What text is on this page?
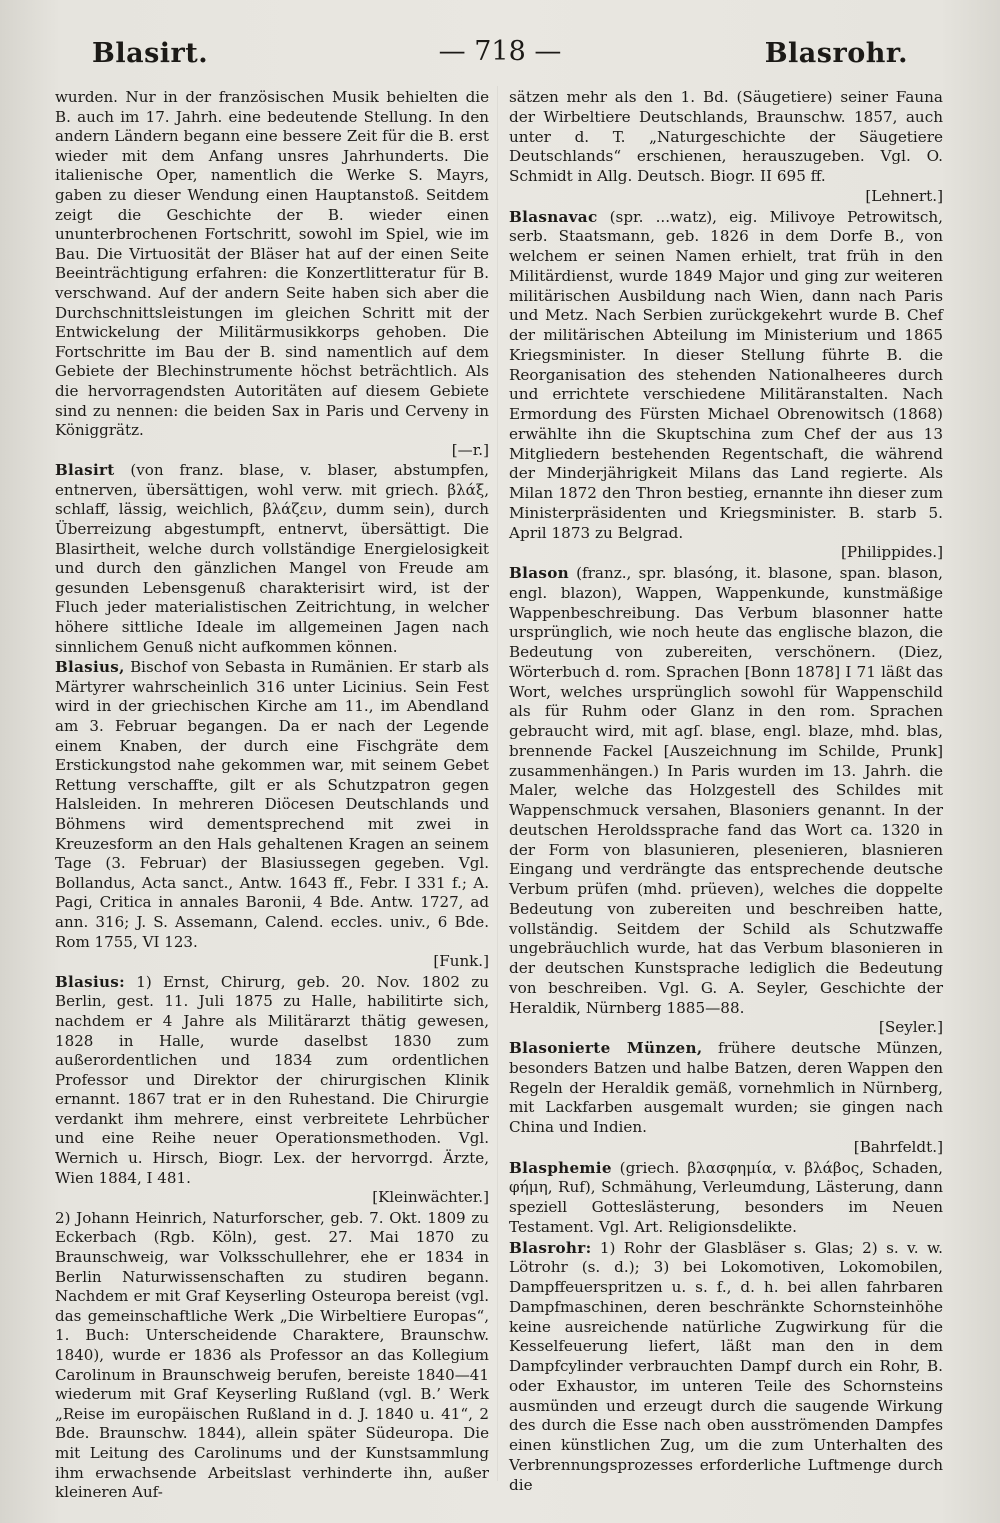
Blasirt.	— 718 —	Blasrohr.

wurden. Nur in der französischen Musik behielten die B. auch im 17. Jahrh. eine bedeutende Stellung. In den andern Ländern begann eine bessere Zeit für die B. erst wieder mit dem Anfang unsres Jahrhunderts. Die italienische Oper, namentlich die Werke S. Mayrs, gaben zu dieser Wendung einen Hauptanstoß. Seitdem zeigt die Geschichte der B. wieder einen ununterbrochenen Fortschritt, sowohl im Spiel, wie im Bau. Die Virtuosität der Bläser hat auf der einen Seite Beeinträchtigung erfahren: die Konzertlitteratur für B. verschwand. Auf der andern Seite haben sich aber die Durchschnittsleistungen im gleichen Schritt mit der Entwickelung der Militärmusikkorps gehoben. Die Fortschritte im Bau der B. sind namentlich auf dem Gebiete der Blechinstrumente höchst beträchtlich. Als die hervorragendsten Autoritäten auf diesem Gebiete sind zu nennen: die beiden Sax in Paris und Cerveny in Königgrätz.
[—r.]

Blasirt (von franz. blase, v. blaser, abstumpfen, entnerven, übersättigen, wohl verw. mit griech. βλάξ, schlaff, lässig, weichlich, βλάζειν, dumm sein), durch Überreizung abgestumpft, entnervt, übersättigt. Die Blasirtheit, welche durch vollständige Energielosigkeit und durch den gänzlichen Mangel von Freude am gesunden Lebensgenuß charakterisirt wird, ist der Fluch jeder materialistischen Zeitrichtung, in welcher höhere sittliche Ideale im allgemeinen Jagen nach sinnlichem Genuß nicht aufkommen können.

Blasius, Bischof von Sebasta in Rumänien. Er starb als Märtyrer wahrscheinlich 316 unter Licinius. Sein Fest wird in der griechischen Kirche am 11., im Abendland am 3. Februar begangen. Da er nach der Legende einem Knaben, der durch eine Fischgräte dem Erstickungstod nahe gekommen war, mit seinem Gebet Rettung verschaffte, gilt er als Schutzpatron gegen Halsleiden. In mehreren Diöcesen Deutschlands und Böhmens wird dementsprechend mit zwei in Kreuzesform an den Hals gehaltenen Kragen an seinem Tage (3. Februar) der Blasiussegen gegeben. Vgl. Bollandus, Acta sanct., Antw. 1643 ff., Febr. I 331 f.; A. Pagi, Critica in annales Baronii, 4 Bde. Antw. 1727, ad ann. 316; J. S. Assemann, Calend. eccles. univ., 6 Bde. Rom 1755, VI 123.
[Funk.]

Blasius: 1) Ernst, Chirurg, geb. 20. Nov. 1802 zu Berlin, gest. 11. Juli 1875 zu Halle, habilitirte sich, nachdem er 4 Jahre als Militärarzt thätig gewesen, 1828 in Halle, wurde daselbst 1830 zum außerordentlichen und 1834 zum ordentlichen Professor und Direktor der chirurgischen Klinik ernannt. 1867 trat er in den Ruhestand. Die Chirurgie verdankt ihm mehrere, einst verbreitete Lehrbücher und eine Reihe neuer Operationsmethoden. Vgl. Wernich u. Hirsch, Biogr. Lex. der hervorrgd. Ärzte, Wien 1884, I 481.
[Kleinwächter.]

2) Johann Heinrich, Naturforscher, geb. 7. Okt. 1809 zu Eckerbach (Rgb. Köln), gest. 27. Mai 1870 zu Braunschweig, war Volksschullehrer, ehe er 1834 in Berlin Naturwissenschaften zu studiren begann. Nachdem er mit Graf Keyserling Osteuropa bereist (vgl. das gemeinschaftliche Werk „Die Wirbeltiere Europas“, 1. Buch: Unterscheidende Charaktere, Braunschw. 1840), wurde er 1836 als Professor an das Kollegium Carolinum in Braunschweig berufen, bereiste 1840—41 wiederum mit Graf Keyserling Rußland (vgl. B.’ Werk „Reise im europäischen Rußland in d. J. 1840 u. 41“, 2 Bde. Braunschw. 1844), allein später Südeuropa. Die mit Leitung des Carolinums und der Kunstsammlung ihm erwachsende Arbeitslast verhinderte ihn, außer kleineren Auf-

sätzen mehr als den 1. Bd. (Säugetiere) seiner Fauna der Wirbeltiere Deutschlands, Braunschw. 1857, auch unter d. T. „Naturgeschichte der Säugetiere Deutschlands“ erschienen, herauszugeben. Vgl. O. Schmidt in Allg. Deutsch. Biogr. II 695 ff.
[Lehnert.]

Blasnavac (spr. ...watz), eig. Milivoye Petrowitsch, serb. Staatsmann, geb. 1826 in dem Dorfe B., von welchem er seinen Namen erhielt, trat früh in den Militärdienst, wurde 1849 Major und ging zur weiteren militärischen Ausbildung nach Wien, dann nach Paris und Metz. Nach Serbien zurückgekehrt wurde B. Chef der militärischen Abteilung im Ministerium und 1865 Kriegsminister. In dieser Stellung führte B. die Reorganisation des stehenden Nationalheeres durch und errichtete verschiedene Militäranstalten. Nach Ermordung des Fürsten Michael Obrenowitsch (1868) erwählte ihn die Skuptschina zum Chef der aus 13 Mitgliedern bestehenden Regentschaft, die während der Minderjährigkeit Milans das Land regierte. Als Milan 1872 den Thron bestieg, ernannte ihn dieser zum Ministerpräsidenten und Kriegsminister. B. starb 5. April 1873 zu Belgrad.
[Philippides.]

Blason (franz., spr. blasóng, it. blasone, span. blason, engl. blazon), Wappen, Wappenkunde, kunstmäßige Wappenbeschreibung. Das Verbum blasonner hatte ursprünglich, wie noch heute das englische blazon, die Bedeutung von zubereiten, verschönern. (Diez, Wörterbuch d. rom. Sprachen [Bonn 1878] I 71 läßt das Wort, welches ursprünglich sowohl für Wappenschild als für Ruhm oder Glanz in den rom. Sprachen gebraucht wird, mit agſ. blase, engl. blaze, mhd. blas, brennende Fackel [Auszeichnung im Schilde, Prunk] zusammenhängen.) In Paris wurden im 13. Jahrh. die Maler, welche das Holzgestell des Schildes mit Wappenschmuck versahen, Blasoniers genannt. In der deutschen Heroldssprache fand das Wort ca. 1320 in der Form von blasunieren, plesenieren, blasnieren Eingang und verdrängte das entsprechende deutsche Verbum prüfen (mhd. prüeven), welches die doppelte Bedeutung von zubereiten und beschreiben hatte, vollständig. Seitdem der Schild als Schutzwaffe ungebräuchlich wurde, hat das Verbum blasonieren in der deutschen Kunstsprache lediglich die Bedeutung von beschreiben. Vgl. G. A. Seyler, Geschichte der Heraldik, Nürnberg 1885—88.
[Seyler.]

Blasonierte Münzen, frühere deutsche Münzen, besonders Batzen und halbe Batzen, deren Wappen den Regeln der Heraldik gemäß, vornehmlich in Nürnberg, mit Lackfarben ausgemalt wurden; sie gingen nach China und Indien.
[Bahrfeldt.]

Blasphemie (griech. βλασφημία, v. βλάβος, Schaden, φήμη, Ruf), Schmähung, Verleumdung, Lästerung, dann speziell Gotteslästerung, besonders im Neuen Testament. Vgl. Art. Religionsdelikte.

Blasrohr: 1) Rohr der Glasbläser s. Glas; 2) s. v. w. Lötrohr (s. d.); 3) bei Lokomotiven, Lokomobilen, Dampffeuerspritzen u. s. f., d. h. bei allen fahrbaren Dampfmaschinen, deren beschränkte Schornsteinhöhe keine ausreichende natürliche Zugwirkung für die Kesselfeuerung liefert, läßt man den in dem Dampfcylinder verbrauchten Dampf durch ein Rohr, B. oder Exhaustor, im unteren Teile des Schornsteins ausmünden und erzeugt durch die saugende Wirkung des durch die Esse nach oben ausströmenden Dampfes einen künstlichen Zug, um die zum Unterhalten des Verbrennungsprozesses erforderliche Luftmenge durch die
